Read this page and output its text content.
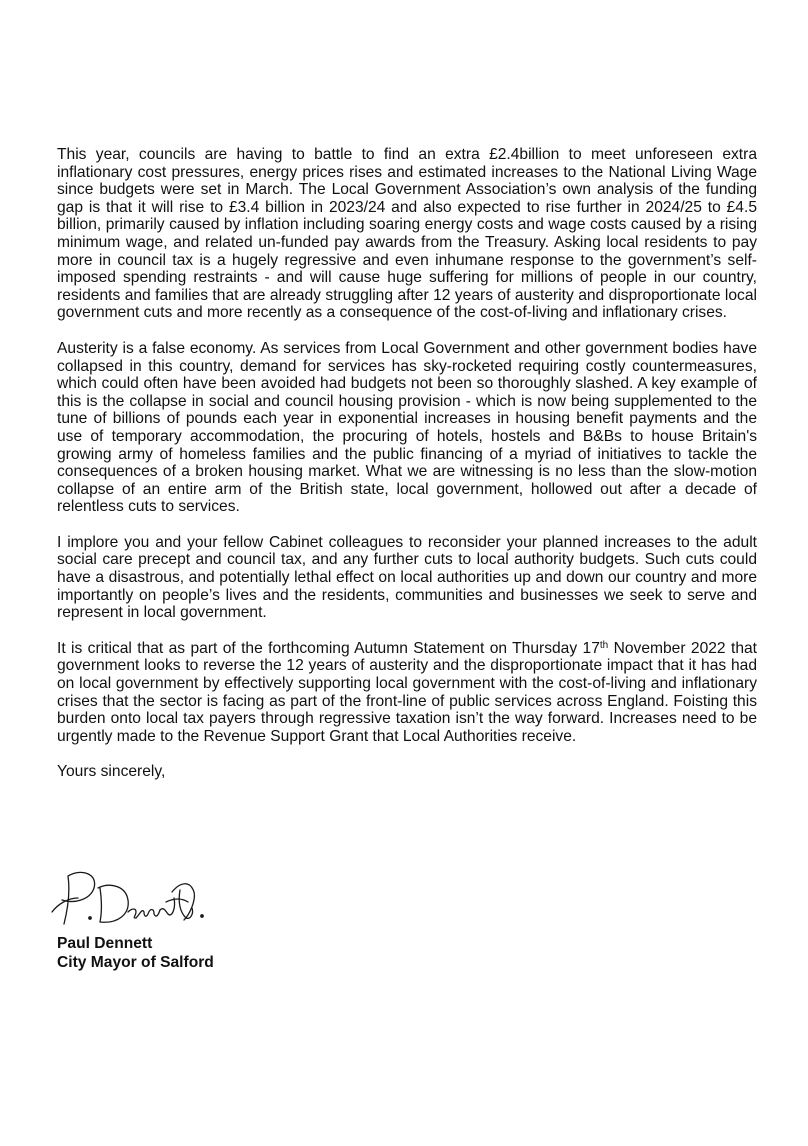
This year, councils are having to battle to find an extra £2.4billion to meet unforeseen extra inflationary cost pressures, energy prices rises and estimated increases to the National Living Wage since budgets were set in March. The Local Government Association’s own analysis of the funding gap is that it will rise to £3.4 billion in 2023/24 and also expected to rise further in 2024/25 to £4.5 billion, primarily caused by inflation including soaring energy costs and wage costs caused by a rising minimum wage, and related un-funded pay awards from the Treasury. Asking local residents to pay more in council tax is a hugely regressive and even inhumane response to the government’s self-imposed spending restraints - and will cause huge suffering for millions of people in our country, residents and families that are already struggling after 12 years of austerity and disproportionate local government cuts and more recently as a consequence of the cost-of-living and inflationary crises.

Austerity is a false economy. As services from Local Government and other government bodies have collapsed in this country, demand for services has sky-rocketed requiring costly countermeasures, which could often have been avoided had budgets not been so thoroughly slashed. A key example of this is the collapse in social and council housing provision - which is now being supplemented to the tune of billions of pounds each year in exponential increases in housing benefit payments and the use of temporary accommodation, the procuring of hotels, hostels and B&Bs to house Britain's growing army of homeless families and the public financing of a myriad of initiatives to tackle the consequences of a broken housing market. What we are witnessing is no less than the slow-motion collapse of an entire arm of the British state, local government, hollowed out after a decade of relentless cuts to services.

I implore you and your fellow Cabinet colleagues to reconsider your planned increases to the adult social care precept and council tax, and any further cuts to local authority budgets. Such cuts could have a disastrous, and potentially lethal effect on local authorities up and down our country and more importantly on people’s lives and the residents, communities and businesses we seek to serve and represent in local government.

It is critical that as part of the forthcoming Autumn Statement on Thursday 17th November 2022 that government looks to reverse the 12 years of austerity and the disproportionate impact that it has had on local government by effectively supporting local government with the cost-of-living and inflationary crises that the sector is facing as part of the front-line of public services across England. Foisting this burden onto local tax payers through regressive taxation isn’t the way forward. Increases need to be urgently made to the Revenue Support Grant that Local Authorities receive.

Yours sincerely,

Paul Dennett

City Mayor of Salford
